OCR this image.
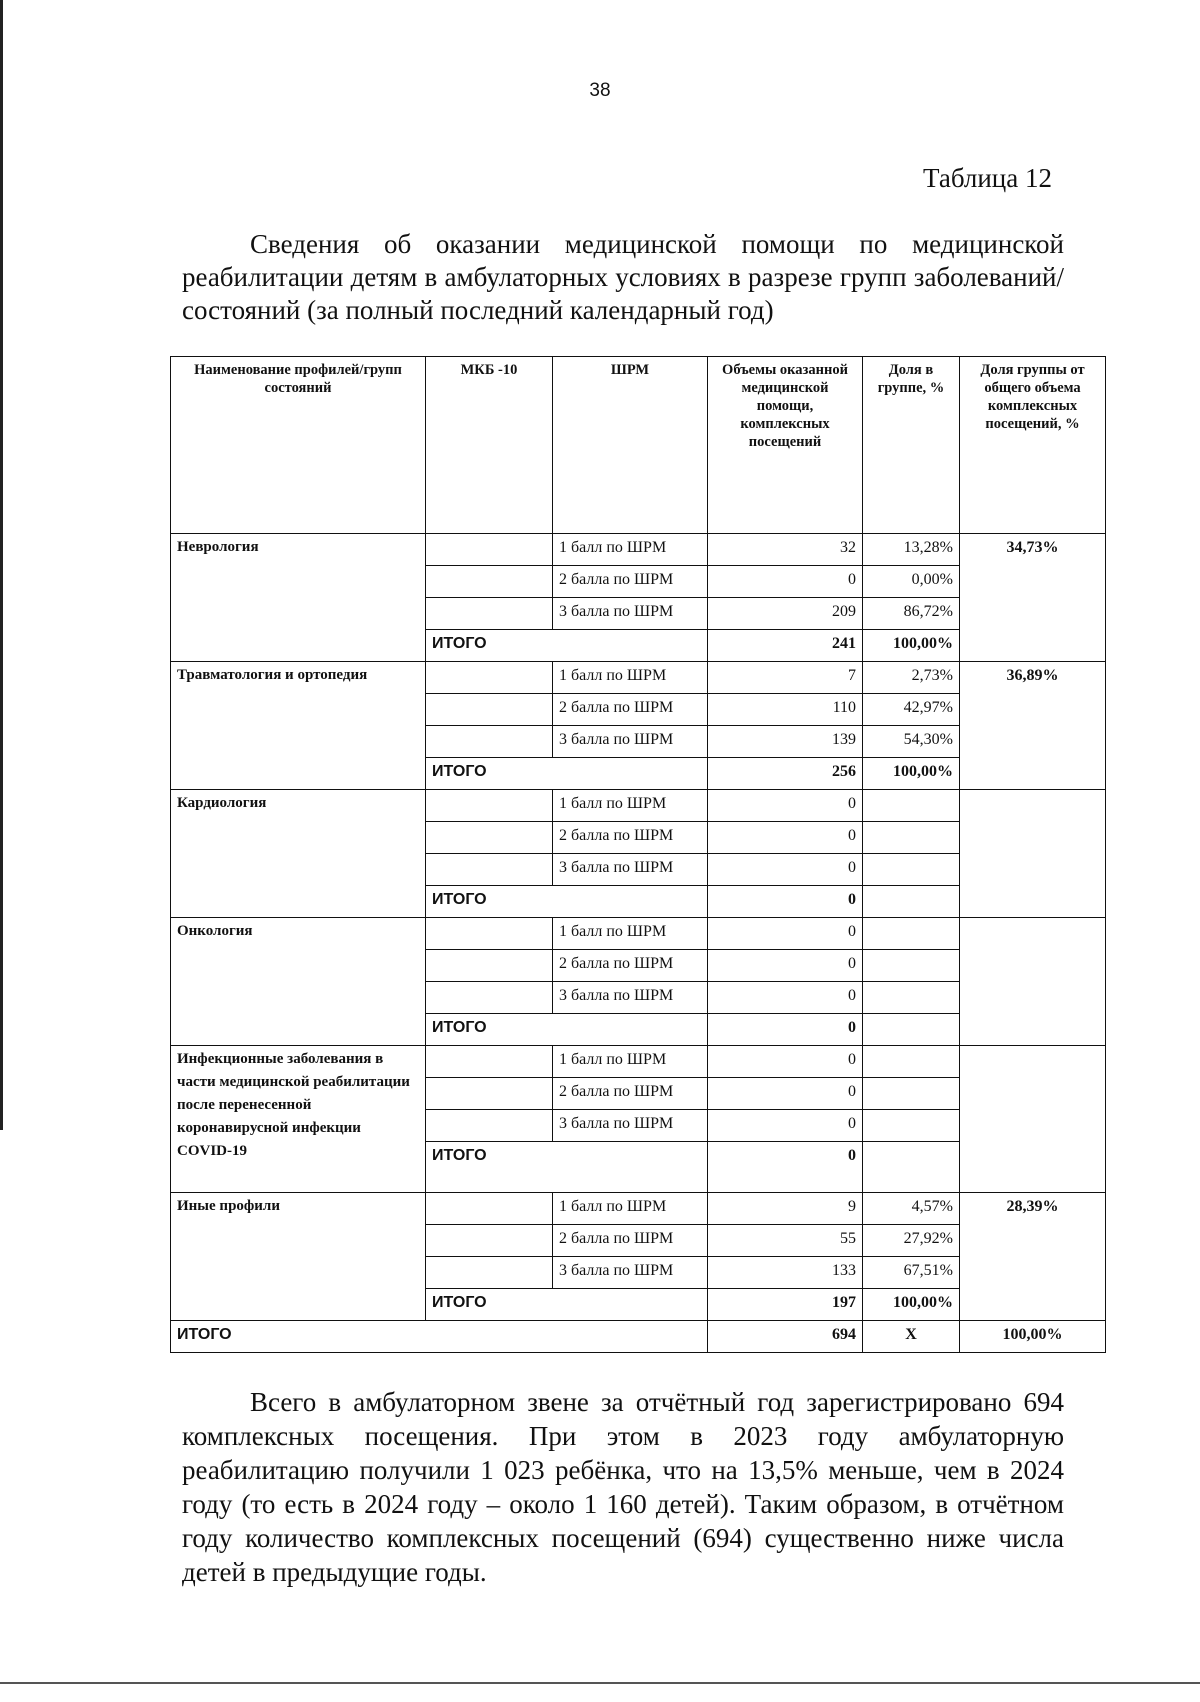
38
Таблица 12
Сведения об оказании медицинской помощи по медицинской реабилитации детям в амбулаторных условиях в разрезе групп заболеваний/состояний (за полный последний календарный год)
Наименование профилей/групп состояний	МКБ -10	ШРМ	Объемы оказанной медицинской помощи, комплексных посещений	Доля в группе, %	Доля группы от общего объема комплексных посещений, %
Неврология		1 балл по ШРМ	32	13,28%	34,73%
		2 балла по ШРМ	0	0,00%	
		3 балла по ШРМ	209	86,72%	
	ИТОГО		241	100,00%	
Травматология и ортопедия		1 балл по ШРМ	7	2,73%	36,89%
		2 балла по ШРМ	110	42,97%	
		3 балла по ШРМ	139	54,30%	
	ИТОГО		256	100,00%	
Кардиология		1 балл по ШРМ	0		
		2 балла по ШРМ	0		
		3 балла по ШРМ	0		
	ИТОГО		0		
Онкология		1 балл по ШРМ	0		
		2 балла по ШРМ	0		
		3 балла по ШРМ	0		
	ИТОГО		0		
Инфекционные заболевания в части медицинской реабилитации после перенесенной коронавирусной инфекции COVID-19		1 балл по ШРМ	0		
		2 балла по ШРМ	0		
		3 балла по ШРМ	0		
	ИТОГО		0		
Иные профили		1 балл по ШРМ	9	4,57%	28,39%
		2 балла по ШРМ	55	27,92%	
		3 балла по ШРМ	133	67,51%	
	ИТОГО		197	100,00%	
ИТОГО			694	Х	100,00%
Всего в амбулаторном звене за отчётный год зарегистрировано 694 комплексных посещения. При этом в 2023 году амбулаторную реабилитацию получили 1 023 ребёнка, что на 13,5% меньше, чем в 2024 году (то есть в 2024 году – около 1 160 детей). Таким образом, в отчётном году количество комплексных посещений (694) существенно ниже числа детей в предыдущие годы.
